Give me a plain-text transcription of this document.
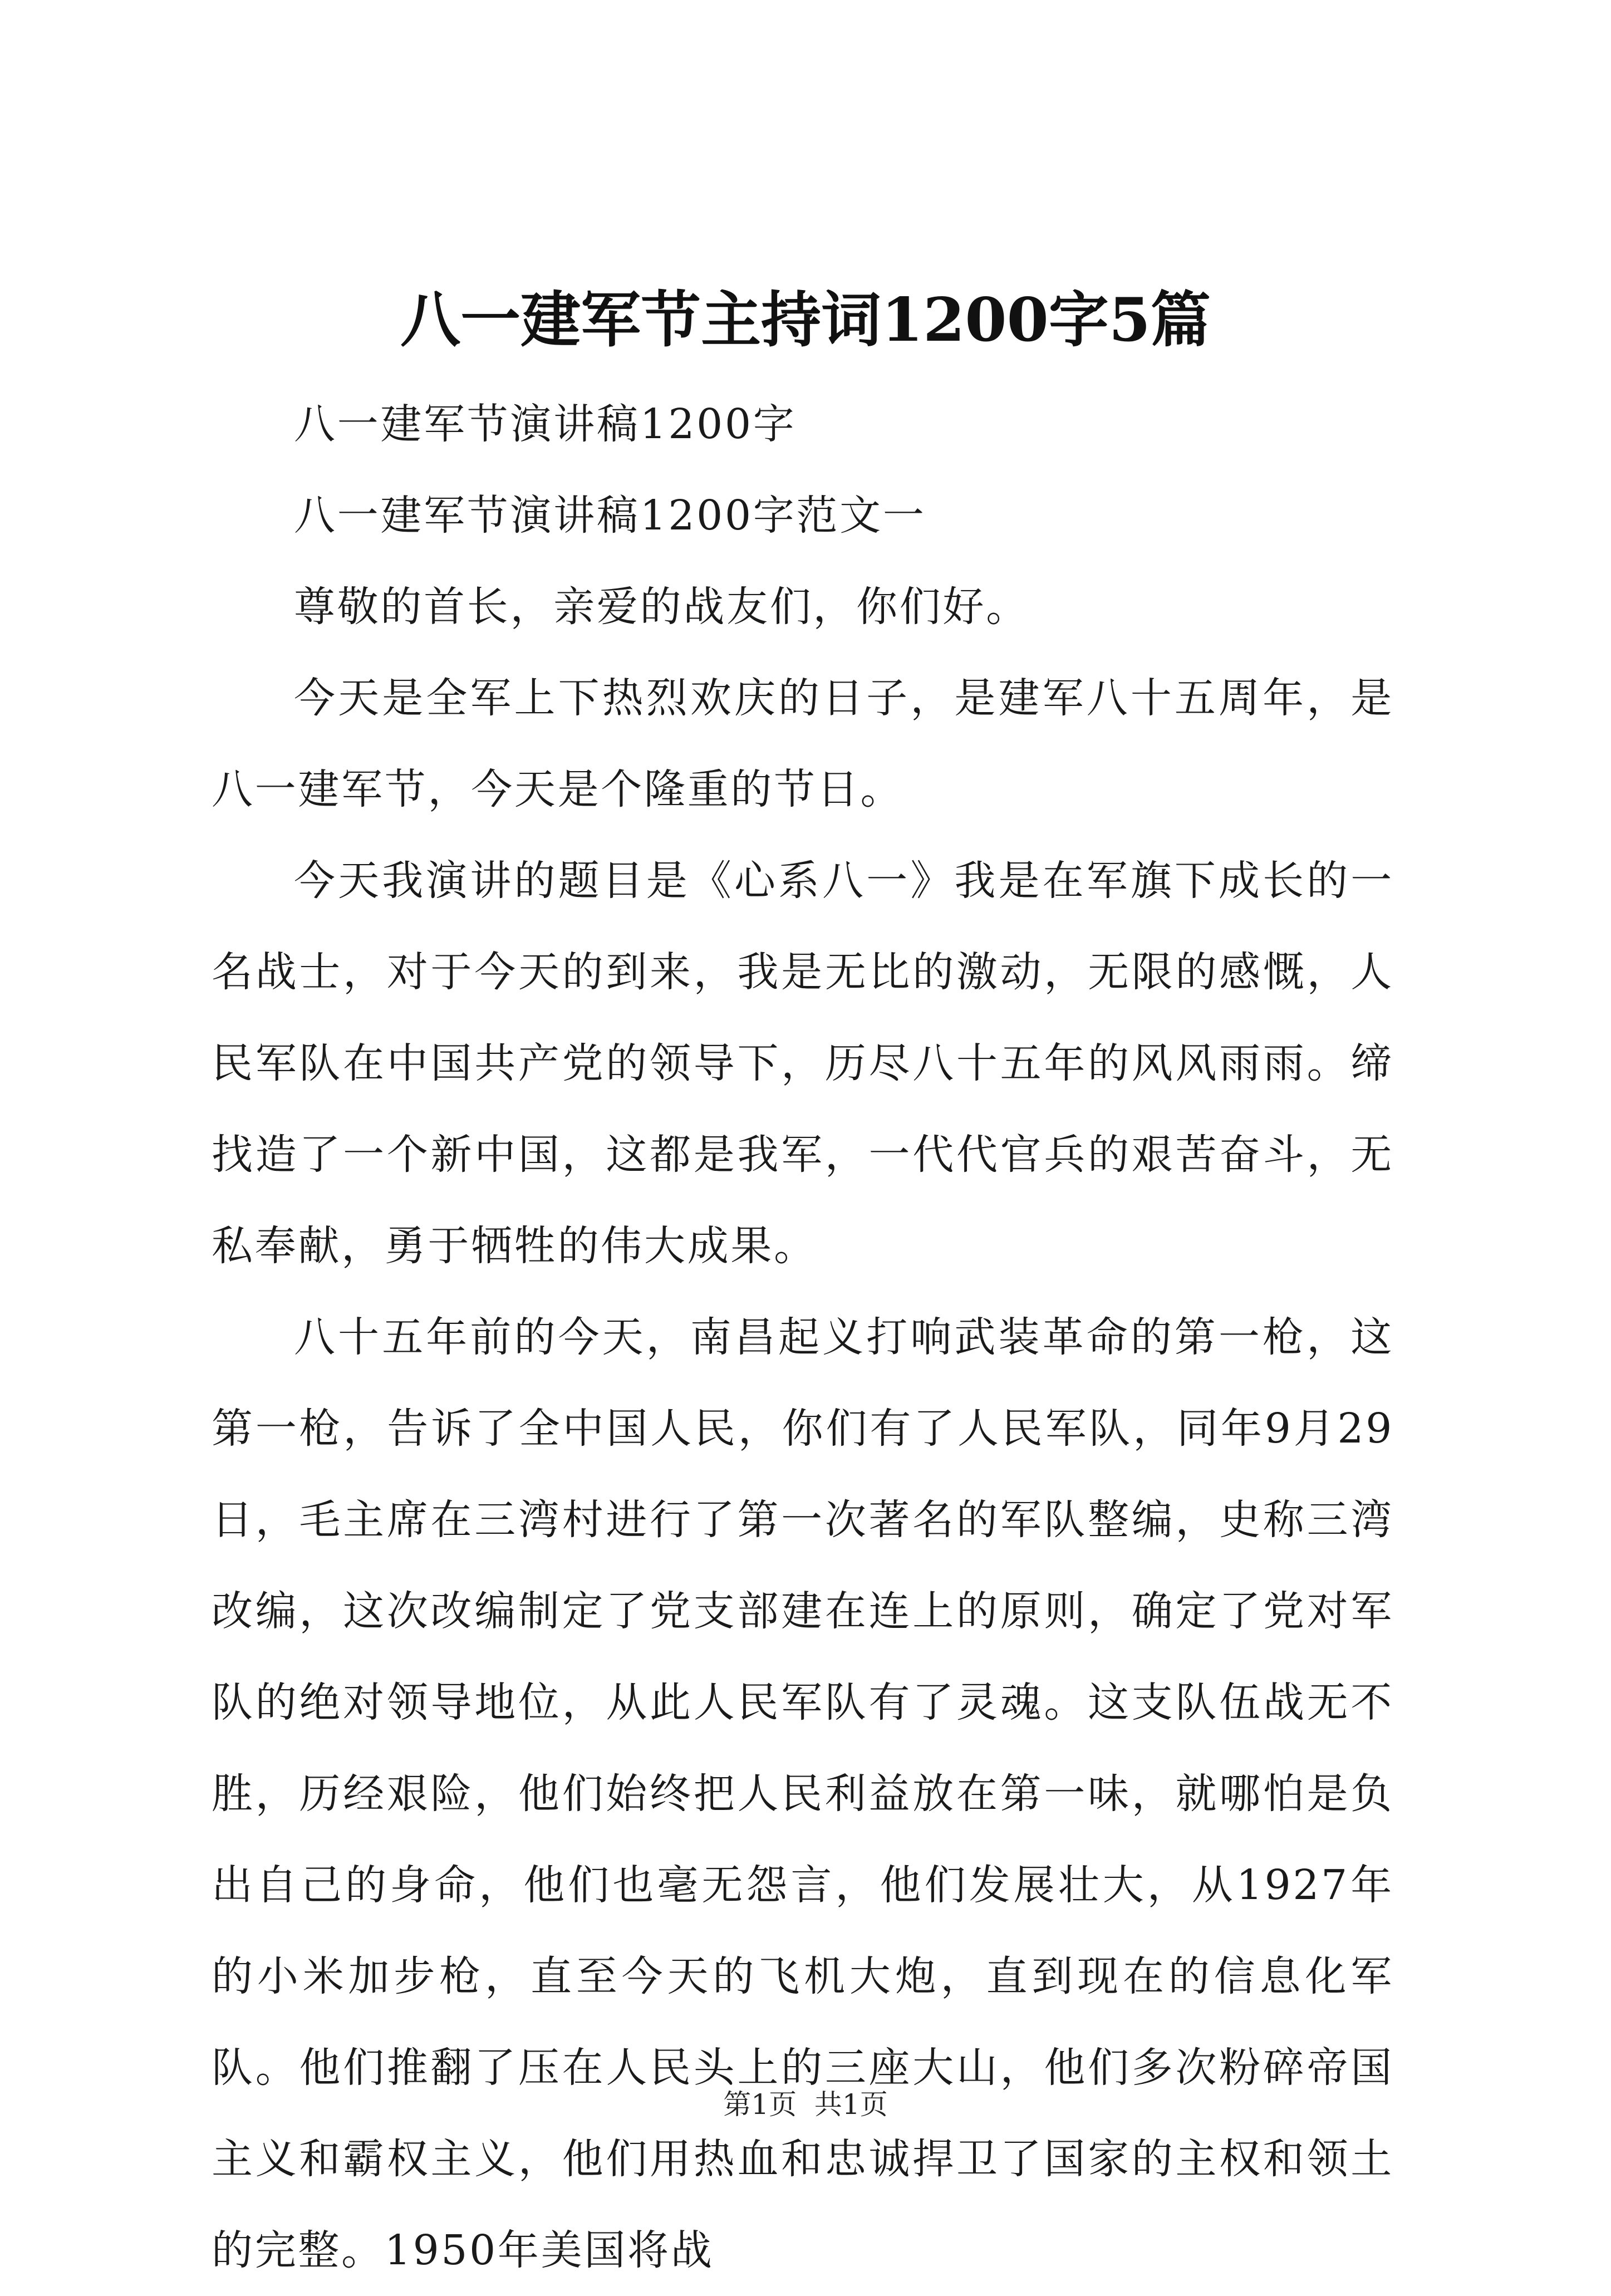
八一建军节主持词1200字5篇

八一建军节演讲稿1200字

八一建军节演讲稿1200字范文一

尊敬的首长，亲爱的战友们，你们好。

今天是全军上下热烈欢庆的日子，是建军八十五周年，是八一建军节，今天是个隆重的节日。

今天我演讲的题目是《心系八一》我是在军旗下成长的一名战士，对于今天的到来，我是无比的激动，无限的感慨，人民军队在中国共产党的领导下，历尽八十五年的风风雨雨。缔找造了一个新中国，这都是我军，一代代官兵的艰苦奋斗，无私奉献，勇于牺牲的伟大成果。

八十五年前的今天，南昌起义打响武装革命的第一枪，这第一枪，告诉了全中国人民，你们有了人民军队，同年9月29日，毛主席在三湾村进行了第一次著名的军队整编，史称三湾改编，这次改编制定了党支部建在连上的原则，确定了党对军队的绝对领导地位，从此人民军队有了灵魂。这支队伍战无不胜，历经艰险，他们始终把人民利益放在第一味，就哪怕是负出自己的身命，他们也毫无怨言，他们发展壮大，从1927年的小米加步枪，直至今天的飞机大炮，直到现在的信息化军队。他们推翻了压在人民头上的三座大山，他们多次粉碎帝国主义和霸权主义，他们用热血和忠诚捍卫了国家的主权和领土的完整。1950年美国将战

第1页 共1页
